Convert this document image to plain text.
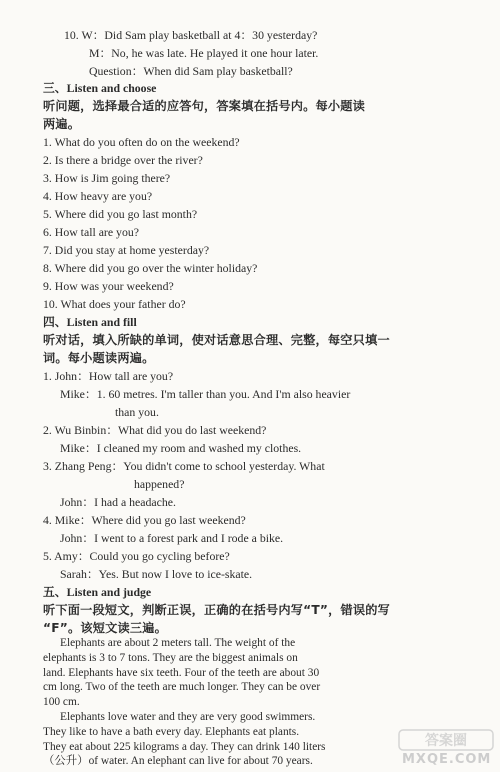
10. W：Did Sam play basketball at 4：30 yesterday?
M：No, he was late. He played it one hour later.
Question：When did Sam play basketball?
三、Listen and choose
听问题，选择最合适的应答句，答案填在括号内。每小题读
两遍。
1. What do you often do on the weekend?
2. Is there a bridge over the river?
3. How is Jim going there?
4. How heavy are you?
5. Where did you go last month?
6. How tall are you?
7. Did you stay at home yesterday?
8. Where did you go over the winter holiday?
9. How was your weekend?
10. What does your father do?
四、Listen and fill
听对话，填入所缺的单词，使对话意思合理、完整，每空只填一
词。每小题读两遍。
1. John：How tall are you?
Mike：1. 60 metres. I'm taller than you. And I'm also heavier
than you.
2. Wu Binbin：What did you do last weekend?
Mike：I cleaned my room and washed my clothes.
3. Zhang Peng：You didn't come to school yesterday. What
happened?
John：I had a headache.
4. Mike：Where did you go last weekend?
John：I went to a forest park and I rode a bike.
5. Amy：Could you go cycling before?
Sarah：Yes. But now I love to ice-skate.
五、Listen and judge
听下面一段短文，判断正误，正确的在括号内写“T”，错误的写
“F”。该短文读三遍。
Elephants are about 2 meters tall. The weight of the
elephants is 3 to 7 tons. They are the biggest animals on
land. Elephants have six teeth. Four of the teeth are about 30
cm long. Two of the teeth are much longer. They can be over
100 cm.
Elephants love water and they are very good swimmers.
They like to have a bath every day. Elephants eat plants.
They eat about 225 kilograms a day. They can drink 140 liters
（公升）of water. An elephant can live for about 70 years.
答案圈
MXQE.COM
